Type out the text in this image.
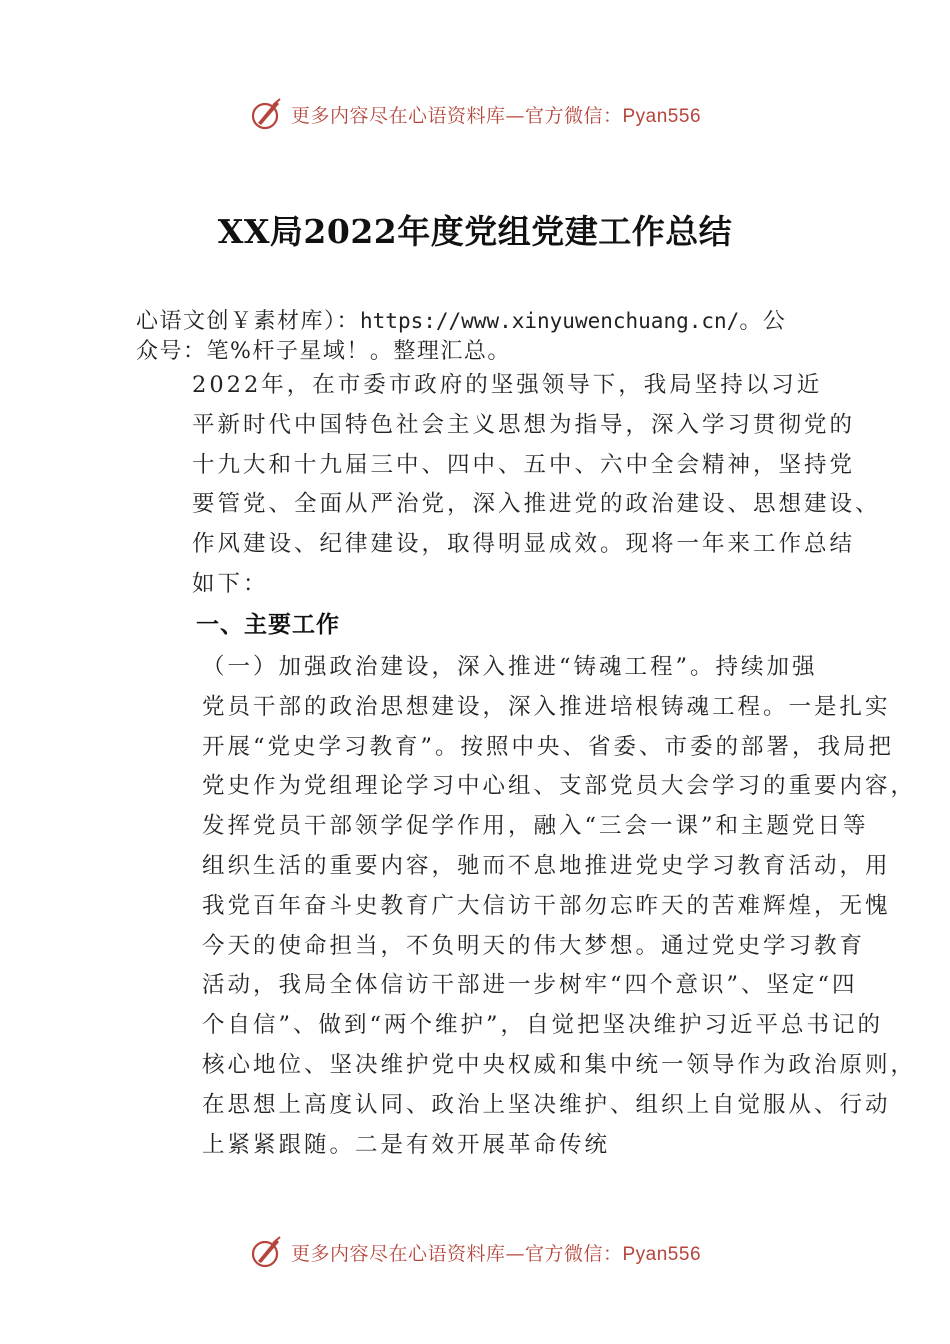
更多内容尽在心语资料库—官方微信：Pyan556
XX局2022年度党组党建工作总结
心语文创￥素材库）：https://www.xinyuwenchuang.cn/。公
众号：笔%杆子星域！。整理汇总。
2022年，在市委市政府的坚强领导下，我局坚持以习近
平新时代中国特色社会主义思想为指导，深入学习贯彻党的
十九大和十九届三中、四中、五中、六中全会精神，坚持党
要管党、全面从严治党，深入推进党的政治建设、思想建设、
作风建设、纪律建设，取得明显成效。现将一年来工作总结
如下：
一、主要工作
（一）加强政治建设，深入推进“铸魂工程”。持续加强
党员干部的政治思想建设，深入推进培根铸魂工程。一是扎实
开展“党史学习教育”。按照中央、省委、市委的部署，我局把
党史作为党组理论学习中心组、支部党员大会学习的重要内容，
发挥党员干部领学促学作用，融入“三会一课”和主题党日等
组织生活的重要内容，驰而不息地推进党史学习教育活动，用
我党百年奋斗史教育广大信访干部勿忘昨天的苦难辉煌，无愧
今天的使命担当，不负明天的伟大梦想。通过党史学习教育
活动，我局全体信访干部进一步树牢“四个意识”、坚定“四
个自信”、做到“两个维护”，自觉把坚决维护习近平总书记的
核心地位、坚决维护党中央权威和集中统一领导作为政治原则，
在思想上高度认同、政治上坚决维护、组织上自觉服从、行动
上紧紧跟随。二是有效开展革命传统
更多内容尽在心语资料库—官方微信：Pyan556
